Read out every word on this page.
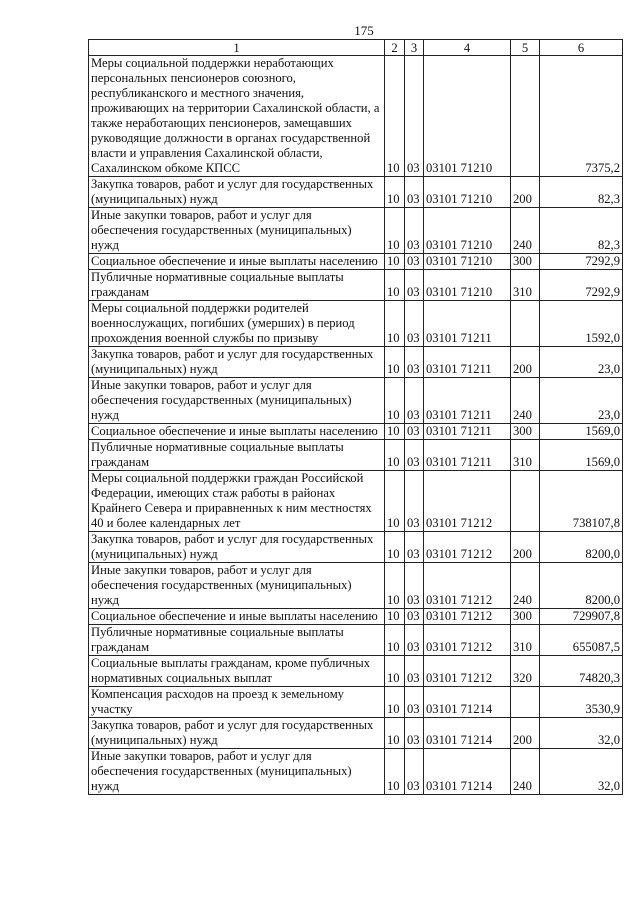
175
1	2	3	4	5	6

Меры социальной поддержки неработающих персональных пенсионеров союзного, республиканского и местного значения, проживающих на территории Сахалинской области, а также неработающих пенсионеров, замещавших руководящие должности в органах государственной власти и управления Сахалинской области, Сахалинском обкоме КПСС	10	03	03101 71210		7375,2

Закупка товаров, работ и услуг для государственных (муниципальных) нужд	10	03	03101 71210	200	82,3

Иные закупки товаров, работ и услуг для обеспечения государственных (муниципальных) нужд	10	03	03101 71210	240	82,3

Социальное обеспечение и иные выплаты населению	10	03	03101 71210	300	7292,9

Публичные нормативные социальные выплаты гражданам	10	03	03101 71210	310	7292,9

Меры социальной поддержки родителей военнослужащих, погибших (умерших) в период прохождения военной службы по призыву	10	03	03101 71211		1592,0

Закупка товаров, работ и услуг для государственных (муниципальных) нужд	10	03	03101 71211	200	23,0

Иные закупки товаров, работ и услуг для обеспечения государственных (муниципальных) нужд	10	03	03101 71211	240	23,0

Социальное обеспечение и иные выплаты населению	10	03	03101 71211	300	1569,0

Публичные нормативные социальные выплаты гражданам	10	03	03101 71211	310	1569,0

Меры социальной поддержки граждан Российской Федерации, имеющих стаж работы в районах Крайнего Севера и приравненных к ним местностях 40 и более календарных лет	10	03	03101 71212		738107,8

Закупка товаров, работ и услуг для государственных (муниципальных) нужд	10	03	03101 71212	200	8200,0

Иные закупки товаров, работ и услуг для обеспечения государственных (муниципальных) нужд	10	03	03101 71212	240	8200,0

Социальное обеспечение и иные выплаты населению	10	03	03101 71212	300	729907,8

Публичные нормативные социальные выплаты гражданам	10	03	03101 71212	310	655087,5

Социальные выплаты гражданам, кроме публичных нормативных социальных выплат	10	03	03101 71212	320	74820,3

Компенсация расходов на проезд к земельному участку	10	03	03101 71214		3530,9

Закупка товаров, работ и услуг для государственных (муниципальных) нужд	10	03	03101 71214	200	32,0

Иные закупки товаров, работ и услуг для обеспечения государственных (муниципальных) нужд	10	03	03101 71214	240	32,0
